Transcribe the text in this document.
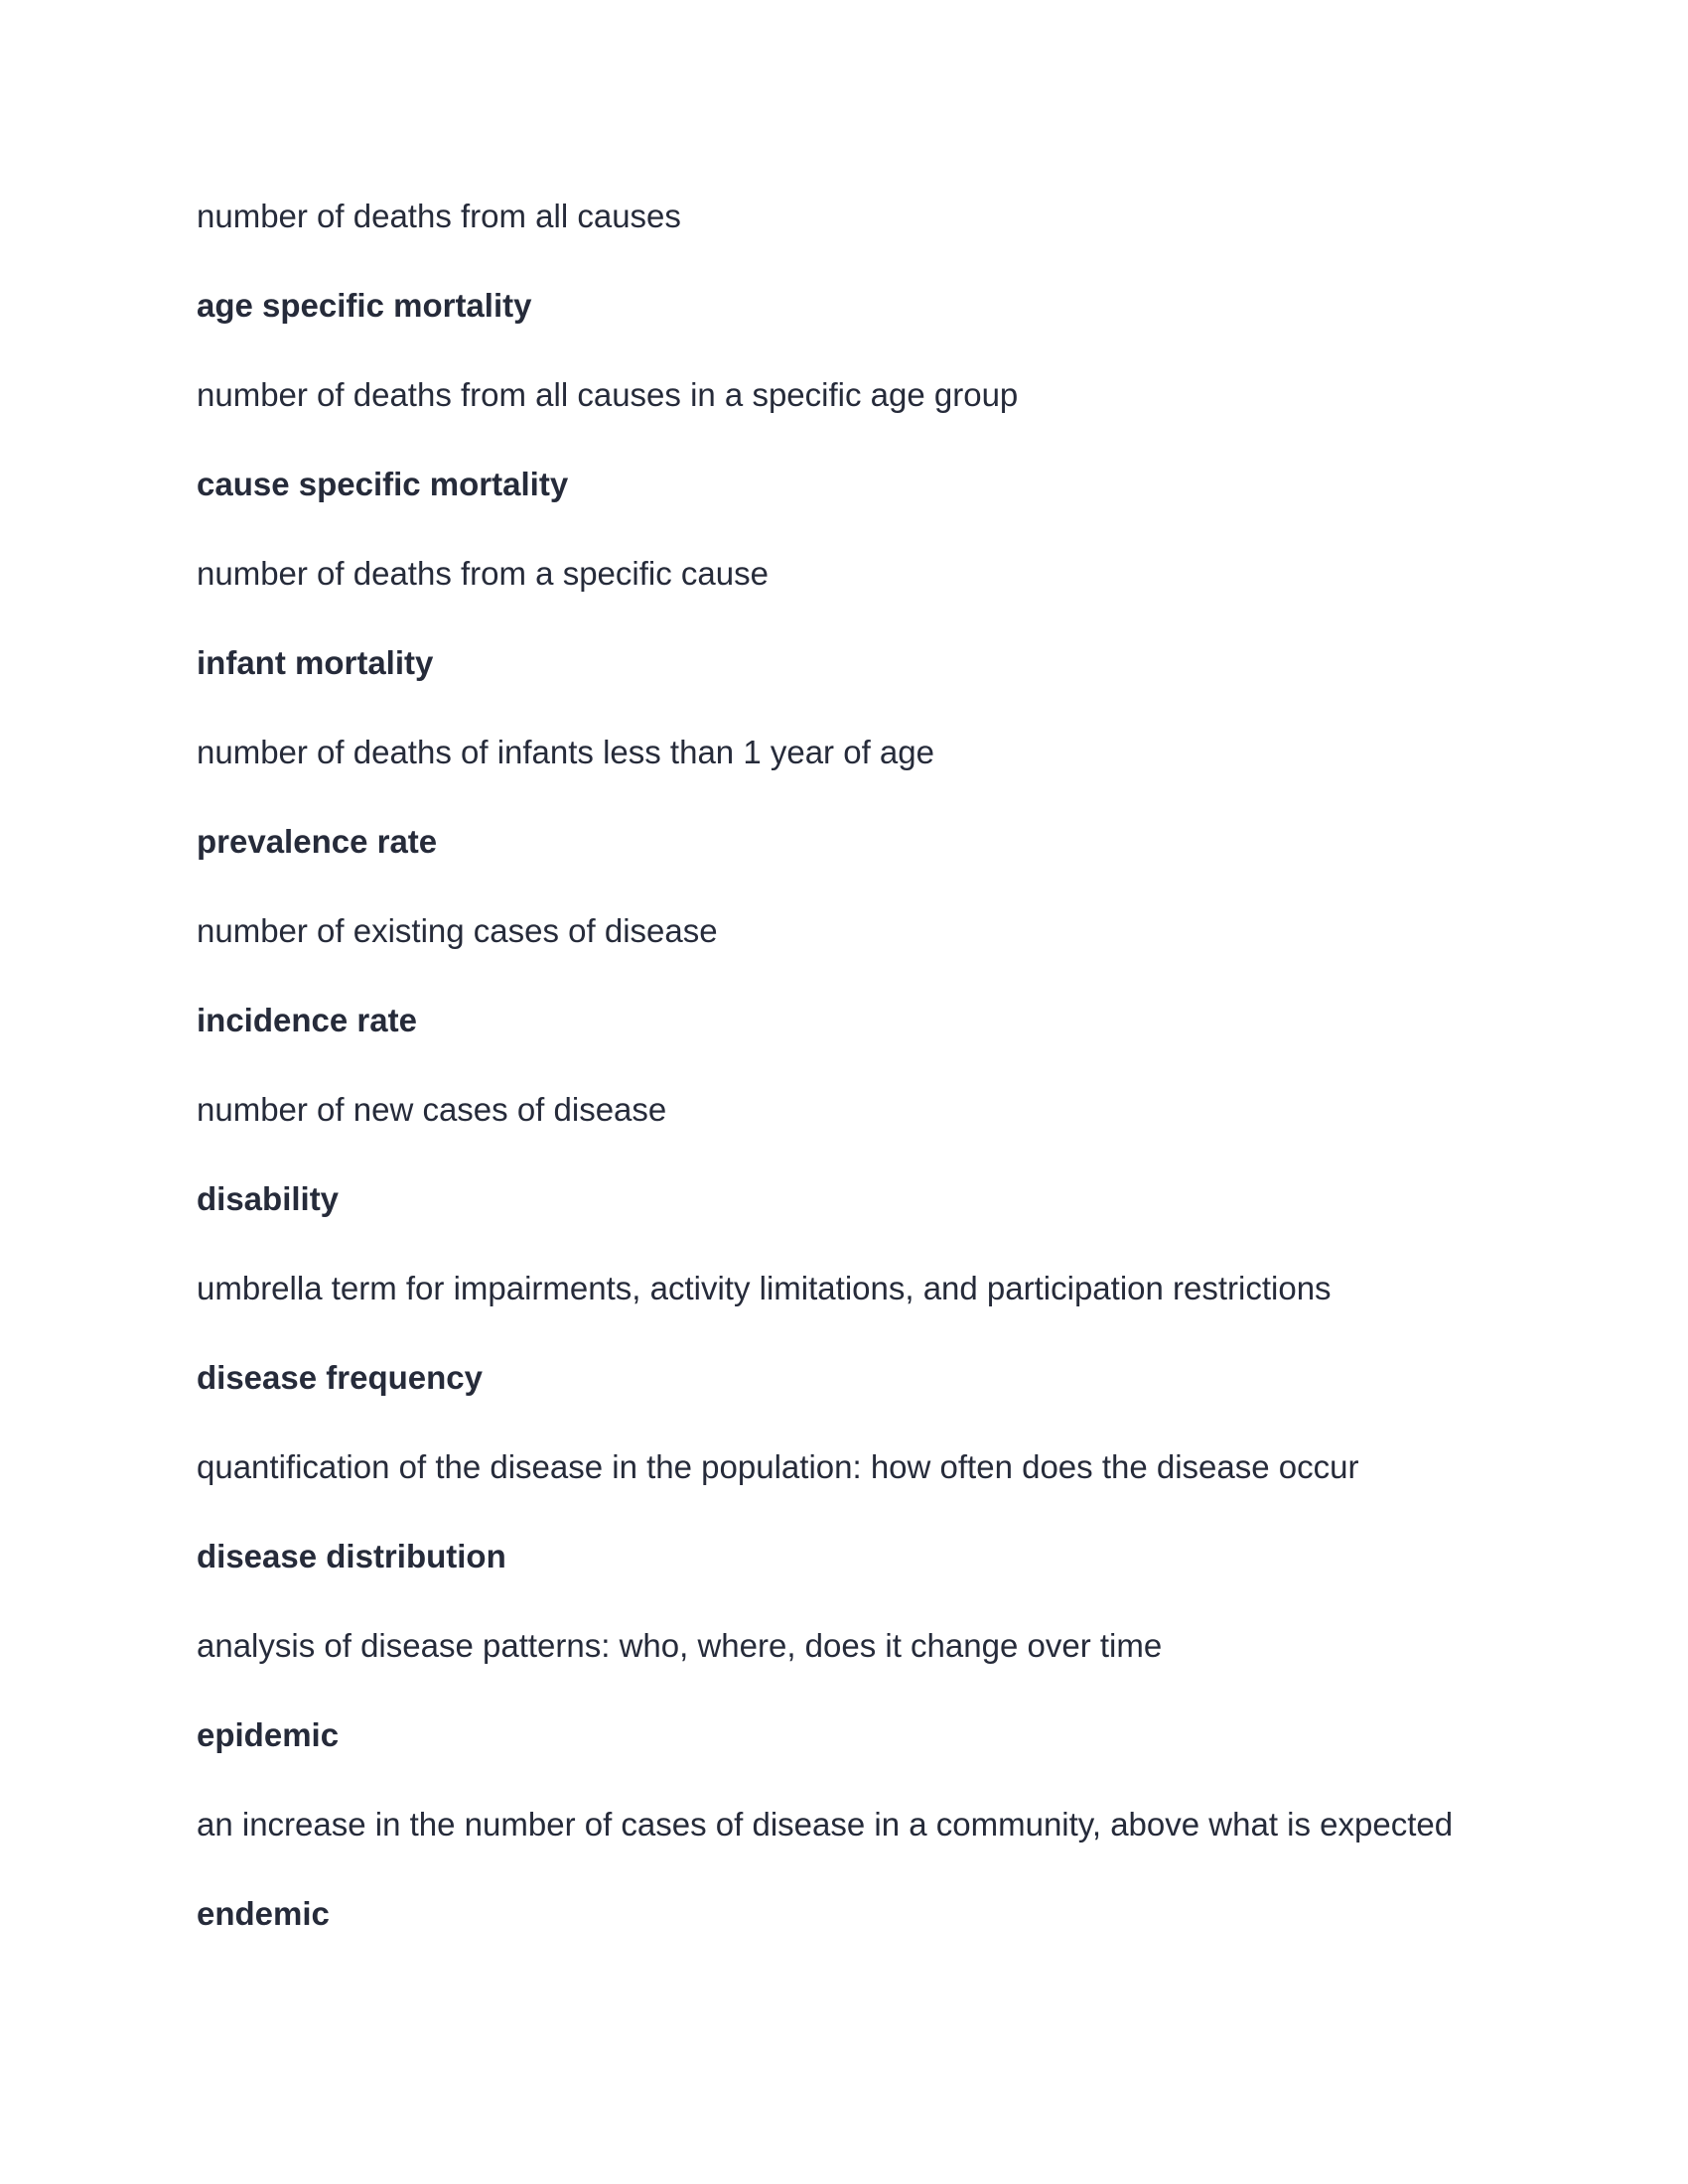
number of deaths from all causes
age specific mortality
number of deaths from all causes in a specific age group
cause specific mortality
number of deaths from a specific cause
infant mortality
number of deaths of infants less than 1 year of age
prevalence rate
number of existing cases of disease
incidence rate
number of new cases of disease
disability
umbrella term for impairments, activity limitations, and participation restrictions
disease frequency
quantification of the disease in the population: how often does the disease occur
disease distribution
analysis of disease patterns: who, where, does it change over time
epidemic
an increase in the number of cases of disease in a community, above what is expected
endemic
